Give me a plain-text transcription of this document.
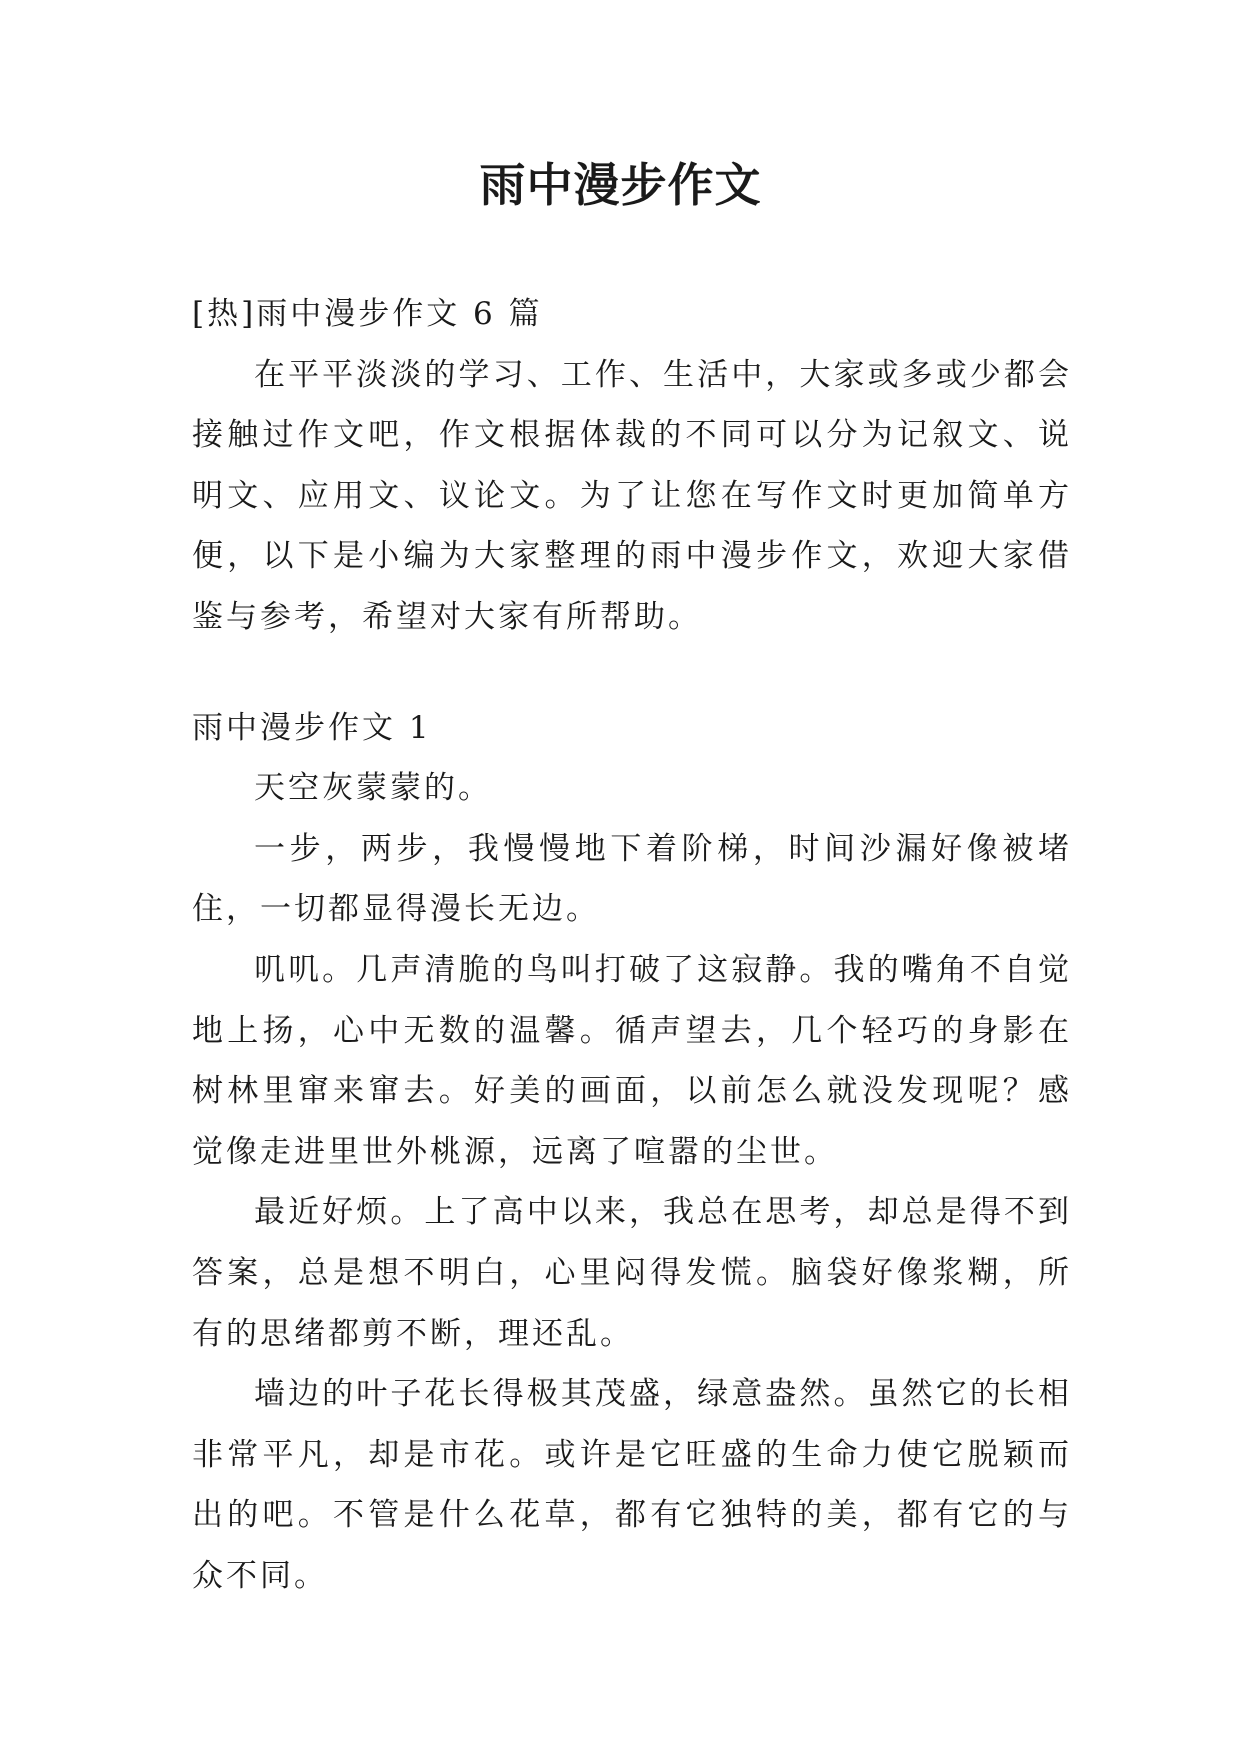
雨中漫步作文

[热]雨中漫步作文 6 篇

在平平淡淡的学习、工作、生活中，大家或多或少都会接触过作文吧，作文根据体裁的不同可以分为记叙文、说明文、应用文、议论文。为了让您在写作文时更加简单方便，以下是小编为大家整理的雨中漫步作文，欢迎大家借鉴与参考，希望对大家有所帮助。

雨中漫步作文 1

天空灰蒙蒙的。

一步，两步，我慢慢地下着阶梯，时间沙漏好像被堵住，一切都显得漫长无边。

叽叽。几声清脆的鸟叫打破了这寂静。我的嘴角不自觉地上扬，心中无数的温馨。循声望去，几个轻巧的身影在树林里窜来窜去。好美的画面，以前怎么就没发现呢？感觉像走进里世外桃源，远离了喧嚣的尘世。

最近好烦。上了高中以来，我总在思考，却总是得不到答案，总是想不明白，心里闷得发慌。脑袋好像浆糊，所有的思绪都剪不断，理还乱。

墙边的叶子花长得极其茂盛，绿意盎然。虽然它的长相非常平凡，却是市花。或许是它旺盛的生命力使它脱颖而出的吧。不管是什么花草，都有它独特的美，都有它的与众不同。
